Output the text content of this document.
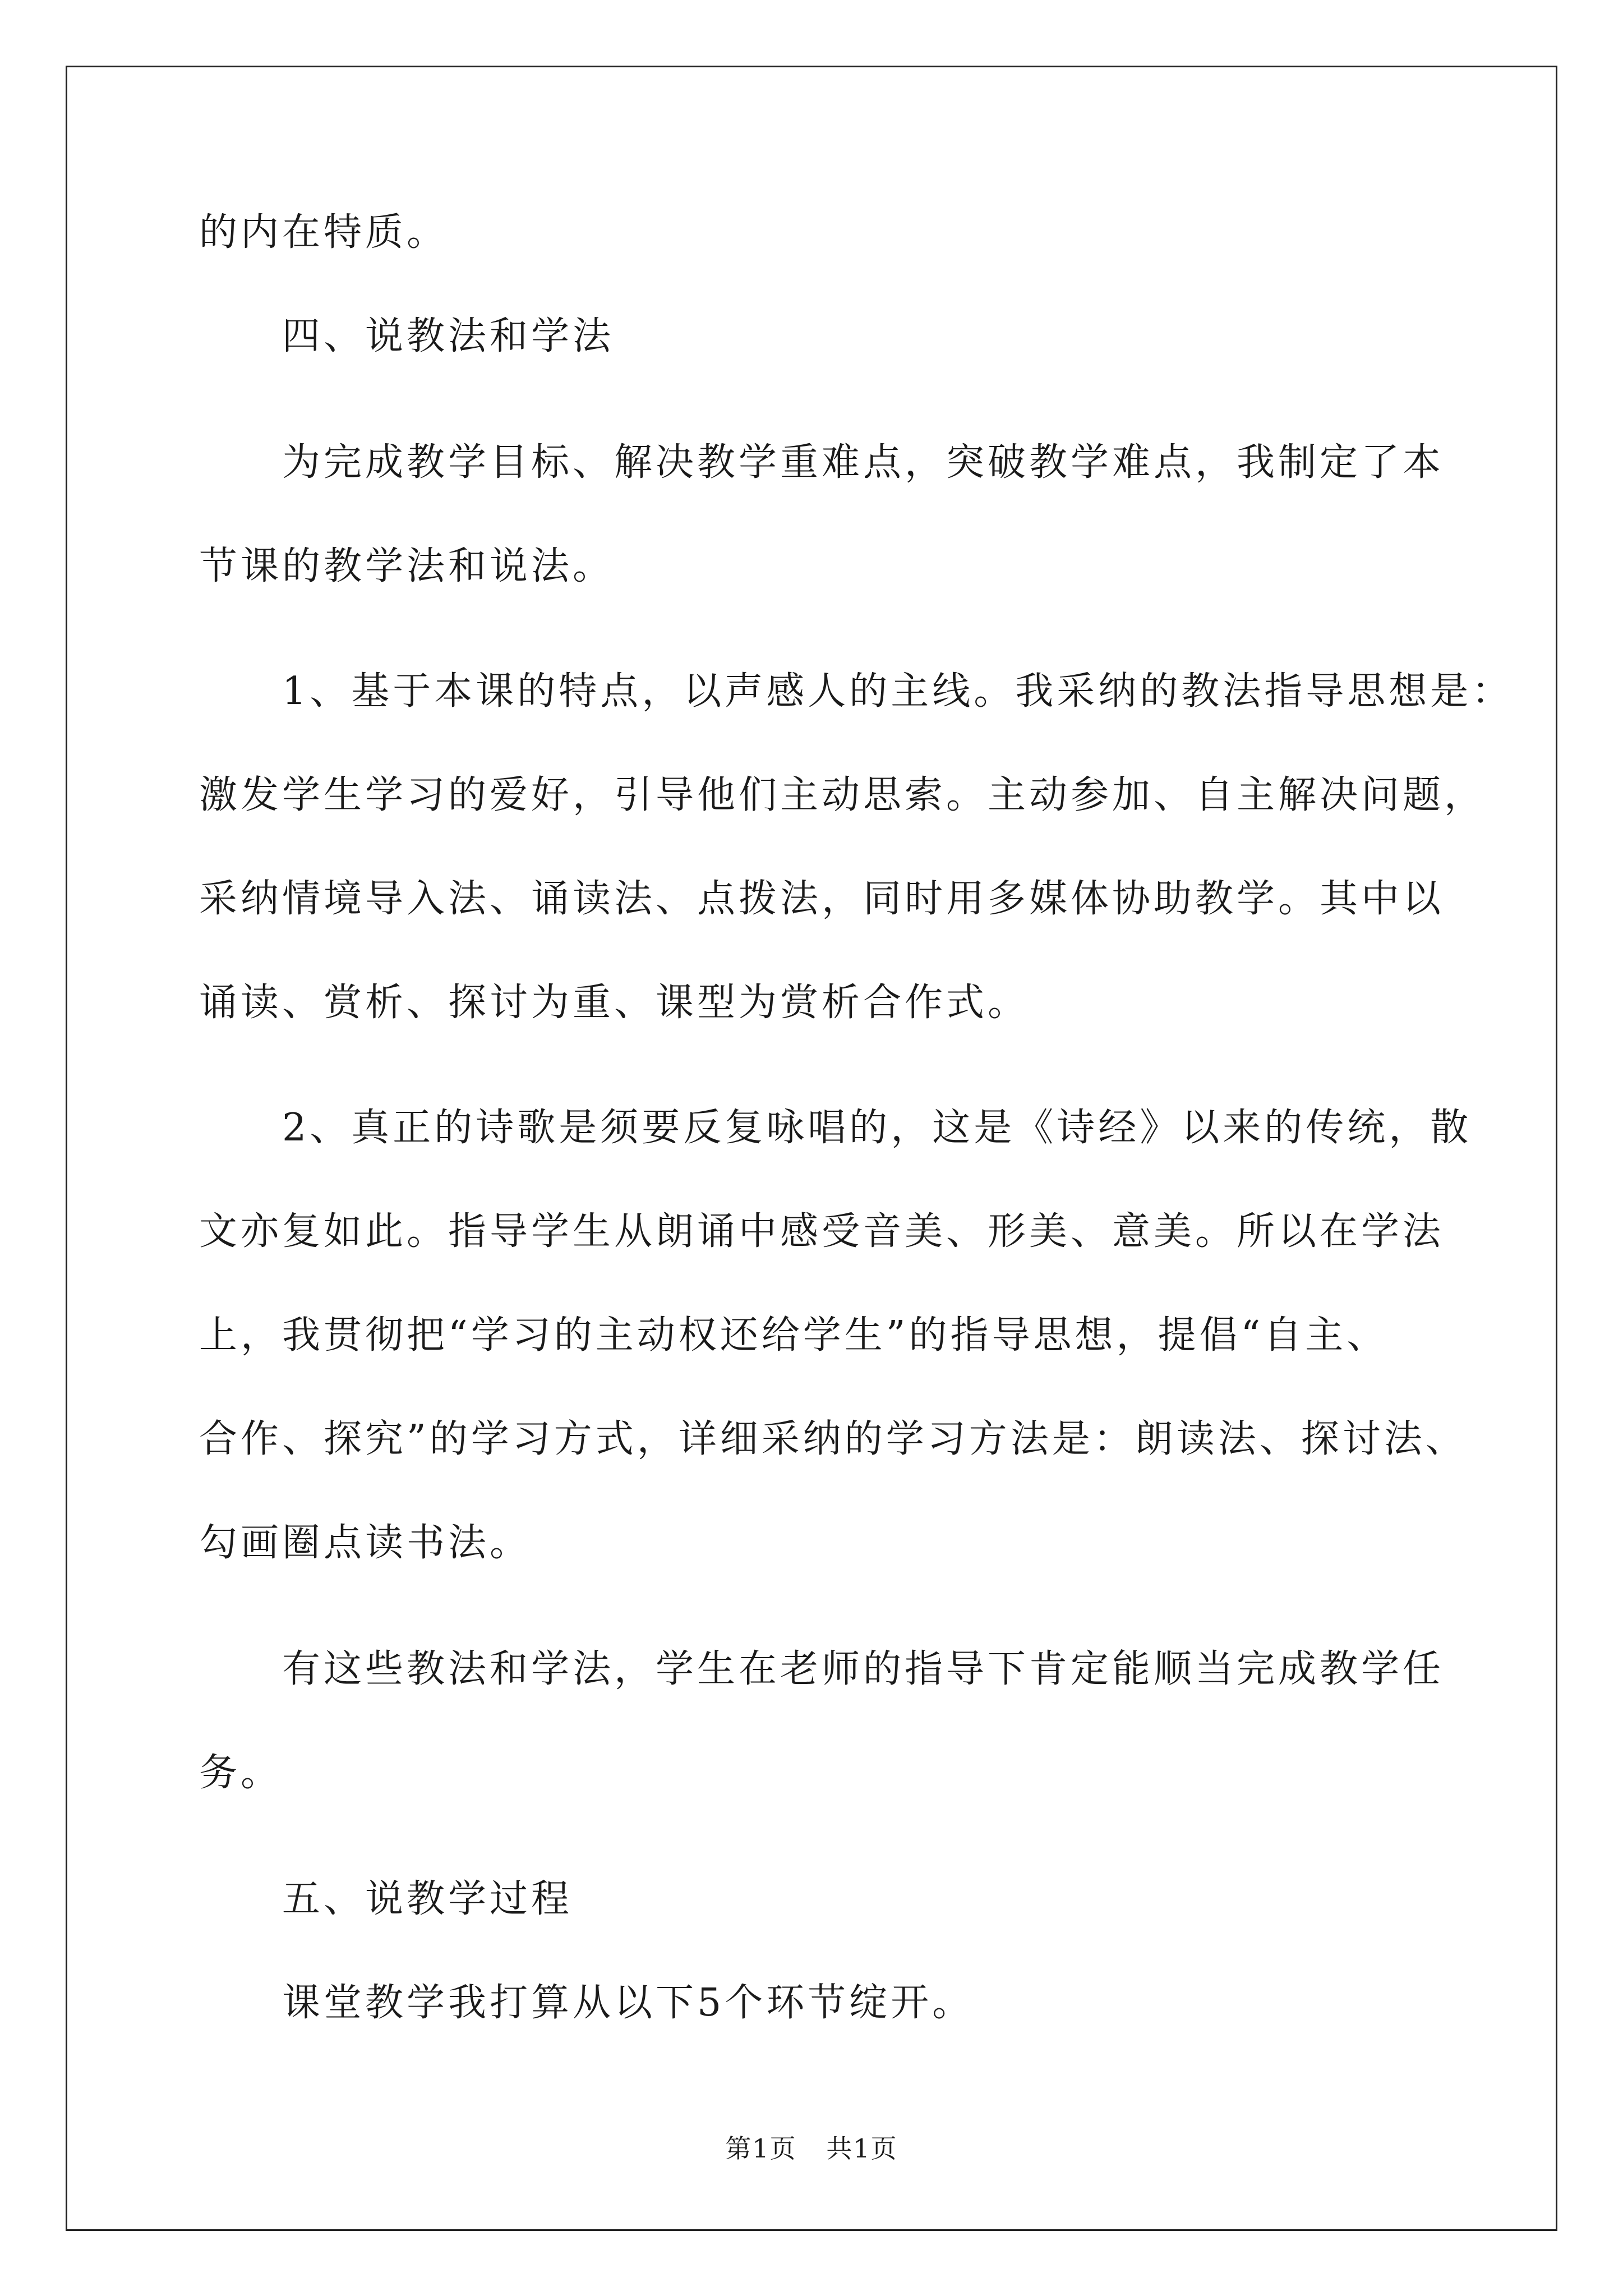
的内在特质。
　　四、说教法和学法
　　为完成教学目标、解决教学重难点，突破教学难点，我制定了本
节课的教学法和说法。
　　1、基于本课的特点，以声感人的主线。我采纳的教法指导思想是：
激发学生学习的爱好，引导他们主动思索。主动参加、自主解决问题，
采纳情境导入法、诵读法、点拨法，同时用多媒体协助教学。其中以
诵读、赏析、探讨为重、课型为赏析合作式。
　　2、真正的诗歌是须要反复咏唱的，这是《诗经》以来的传统，散
文亦复如此。指导学生从朗诵中感受音美、形美、意美。所以在学法
上，我贯彻把“学习的主动权还给学生”的指导思想，提倡“自主、
合作、探究”的学习方式，详细采纳的学习方法是：朗读法、探讨法、
勾画圈点读书法。
　　有这些教法和学法，学生在老师的指导下肯定能顺当完成教学任
务。
　　五、说教学过程
　　课堂教学我打算从以下5个环节绽开。
第1页 共1页
